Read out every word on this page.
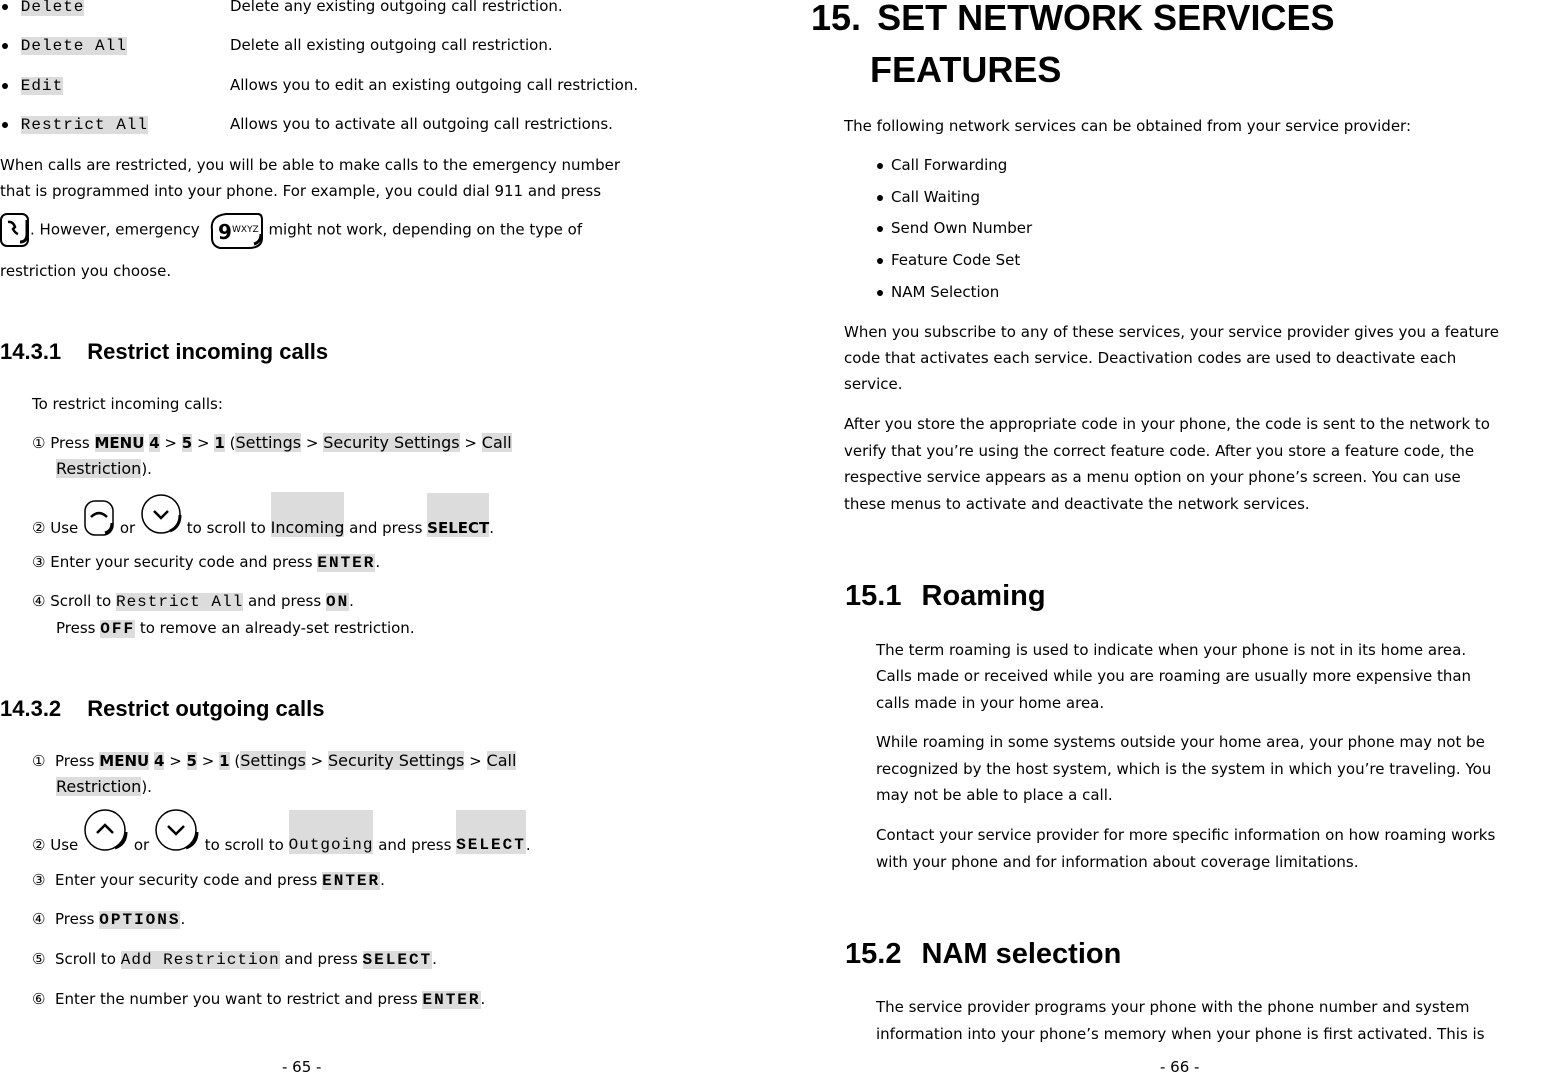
Delete	Delete any existing outgoing call restriction.
Delete All	Delete all existing outgoing call restriction.
Edit	Allows you to edit an existing outgoing call restriction.
Restrict All	Allows you to activate all outgoing call restrictions.
When calls are restricted, you will be able to make calls to the emergency number
that is programmed into your phone. For example, you could dial 911 and press
. However, emergency 9 WXYZ might not work, depending on the type of
restriction you choose.
14.3.1 Restrict incoming calls
To restrict incoming calls:
① Press MENU 4 > 5 > 1 (Settings > Security Settings > Call
Restriction).
②
Use

	or

	to scroll to
Incoming
and press
SELECT .
③ Enter your security code and press ENTER.
④ Scroll to Restrict All and press ON.
Press OFF to remove an already-set restriction.
14.3.2 Restrict outgoing calls
① Press MENU 4 > 5 > 1 (Settings > Security Settings > Call
Restriction).
②
Use

	or

	to scroll to
Outgoing
and press
SELECT .
③ Enter your security code and press ENTER.
④ Press OPTIONS.
⑤ Scroll to Add Restriction and press SELECT.
⑥ Enter the number you want to restrict and press ENTER.
- 65 -
15. SET NETWORK SERVICES
FEATURES
The following network services can be obtained from your service provider:
Call Forwarding
Call Waiting
Send Own Number
Feature Code Set
NAM Selection
When you subscribe to any of these services, your service provider gives you a feature
code that activates each service. Deactivation codes are used to deactivate each
service.
After you store the appropriate code in your phone, the code is sent to the network to
verify that you’re using the correct feature code. After you store a feature code, the
respective service appears as a menu option on your phone’s screen. You can use
these menus to activate and deactivate the network services.
15.1 Roaming
The term roaming is used to indicate when your phone is not in its home area.
Calls made or received while you are roaming are usually more expensive than
calls made in your home area.
While roaming in some systems outside your home area, your phone may not be
recognized by the host system, which is the system in which you’re traveling. You
may not be able to place a call.
Contact your service provider for more specific information on how roaming works
with your phone and for information about coverage limitations.
15.2 NAM selection
The service provider programs your phone with the phone number and system
information into your phone’s memory when your phone is first activated. This is
- 66 -
